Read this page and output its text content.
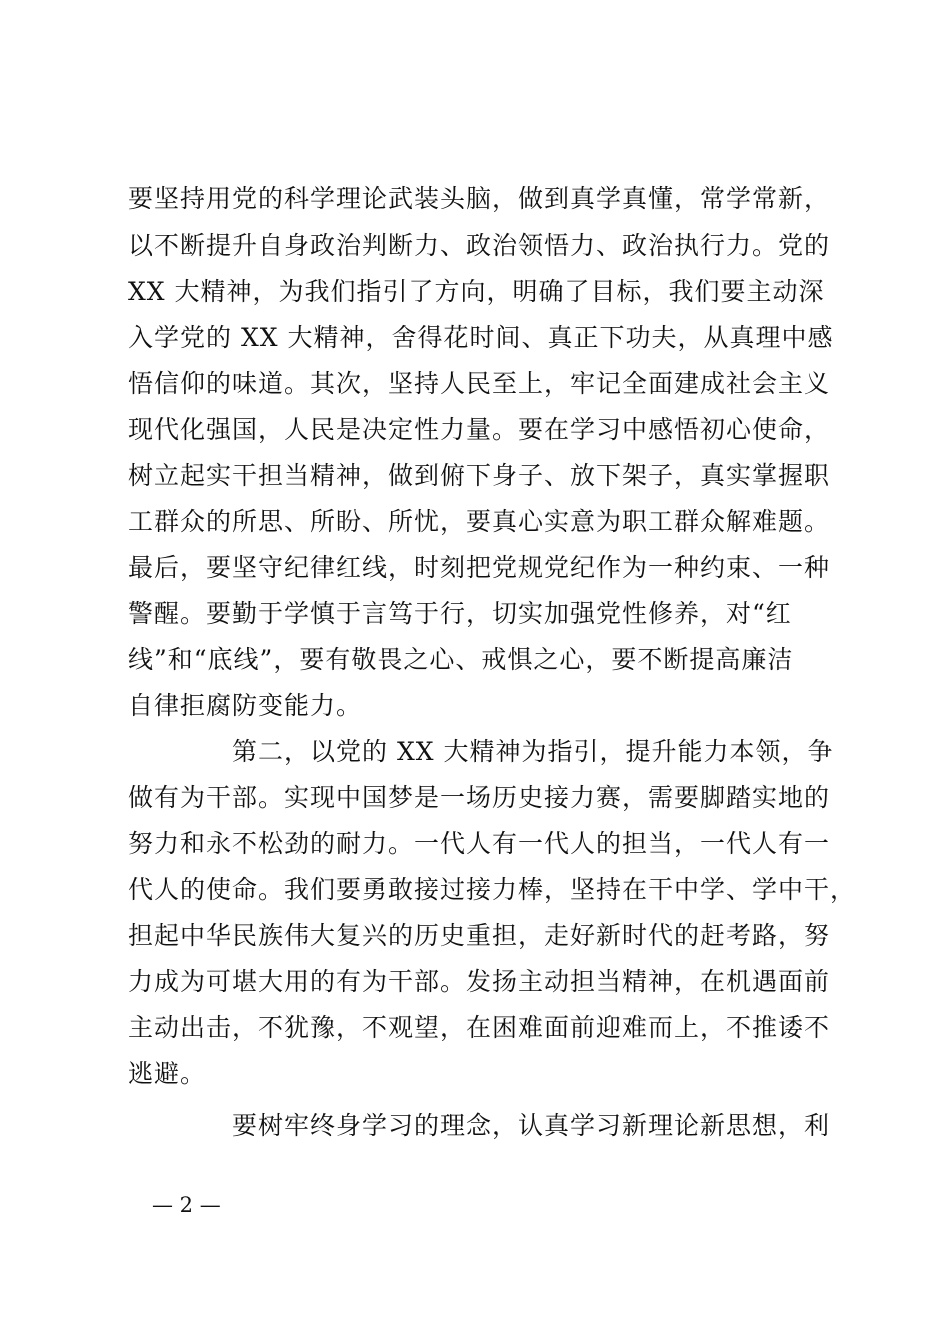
要坚持用党的科学理论武装头脑，做到真学真懂，常学常新，
以不断提升自身政治判断力、政治领悟力、政治执行力。党的
XX 大精神，为我们指引了方向，明确了目标，我们要主动深
入学党的 XX 大精神，舍得花时间、真正下功夫，从真理中感
悟信仰的味道。其次，坚持人民至上，牢记全面建成社会主义
现代化强国，人民是决定性力量。要在学习中感悟初心使命，
树立起实干担当精神，做到俯下身子、放下架子，真实掌握职
工群众的所思、所盼、所忧，要真心实意为职工群众解难题。
最后，要坚守纪律红线，时刻把党规党纪作为一种约束、一种
警醒。要勤于学慎于言笃于行，切实加强党性修养，对“红
线”和“底线”，要有敬畏之心、戒惧之心，要不断提高廉洁
自律拒腐防变能力。
第二，以党的 XX 大精神为指引，提升能力本领，争
做有为干部。实现中国梦是一场历史接力赛，需要脚踏实地的
努力和永不松劲的耐力。一代人有一代人的担当，一代人有一
代人的使命。我们要勇敢接过接力棒，坚持在干中学、学中干，
担起中华民族伟大复兴的历史重担，走好新时代的赶考路，努
力成为可堪大用的有为干部。发扬主动担当精神，在机遇面前
主动出击，不犹豫，不观望，在困难面前迎难而上，不推诿不
逃避。
要树牢终身学习的理念，认真学习新理论新思想，利
— 2 —
